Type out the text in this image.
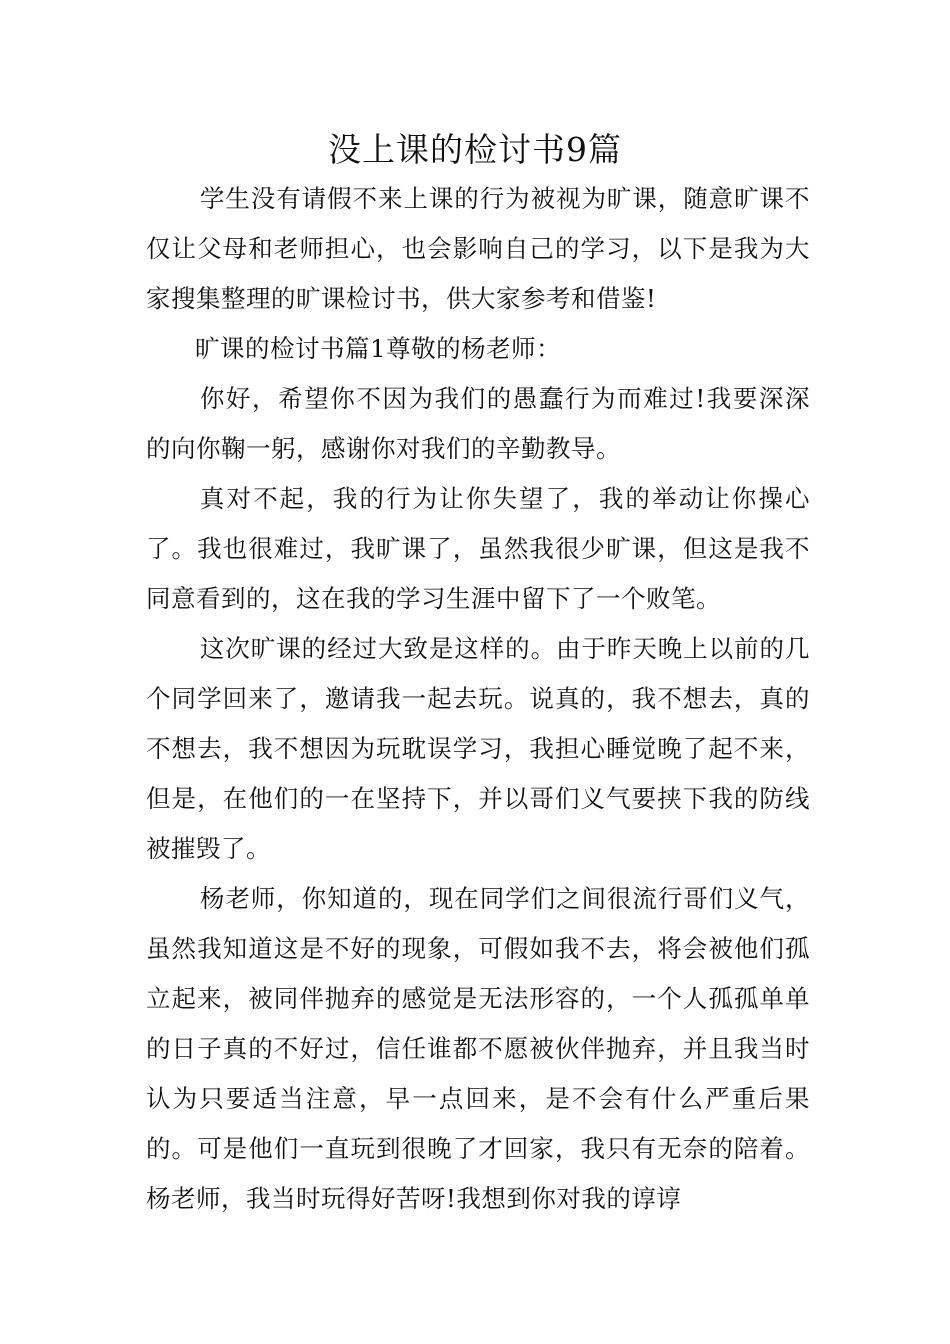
没上课的检讨书9篇

学生没有请假不来上课的行为被视为旷课，随意旷课不仅让父母和老师担心，也会影响自己的学习，以下是我为大家搜集整理的旷课检讨书，供大家参考和借鉴!

旷课的检讨书篇1尊敬的杨老师：

你好，希望你不因为我们的愚蠢行为而难过!我要深深的向你鞠一躬，感谢你对我们的辛勤教导。

真对不起，我的行为让你失望了，我的举动让你操心了。我也很难过，我旷课了，虽然我很少旷课，但这是我不同意看到的，这在我的学习生涯中留下了一个败笔。

这次旷课的经过大致是这样的。由于昨天晚上以前的几个同学回来了，邀请我一起去玩。说真的，我不想去，真的不想去，我不想因为玩耽误学习，我担心睡觉晚了起不来，但是，在他们的一在坚持下，并以哥们义气要挟下我的防线被摧毁了。

杨老师，你知道的，现在同学们之间很流行哥们义气，虽然我知道这是不好的现象，可假如我不去，将会被他们孤立起来，被同伴抛弃的感觉是无法形容的，一个人孤孤单单的日子真的不好过，信任谁都不愿被伙伴抛弃，并且我当时认为只要适当注意，早一点回来，是不会有什么严重后果的。可是他们一直玩到很晚了才回家，我只有无奈的陪着。杨老师，我当时玩得好苦呀!我想到你对我的谆谆
